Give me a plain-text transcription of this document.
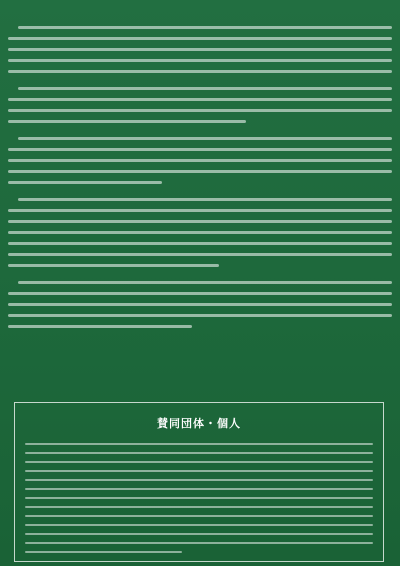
賛同団体・個人
